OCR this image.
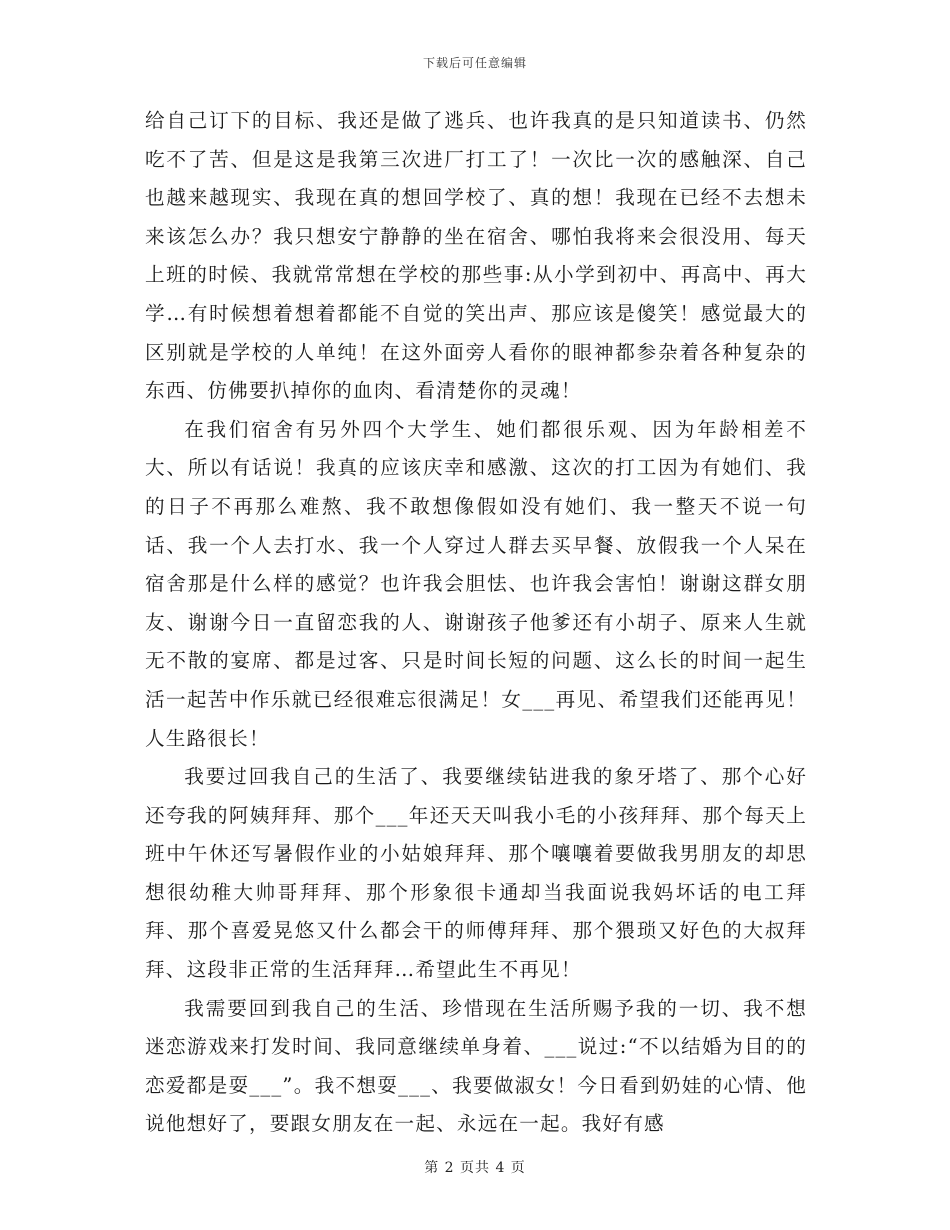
下载后可任意编辑

给自己订下的目标、我还是做了逃兵、也许我真的是只知道读书、仍然吃不了苦、但是这是我第三次进厂打工了！一次比一次的感触深、自己也越来越现实、我现在真的想回学校了、真的想！我现在已经不去想未来该怎么办？我只想安宁静静的坐在宿舍、哪怕我将来会很没用、每天上班的时候、我就常常想在学校的那些事:从小学到初中、再高中、再大学…有时候想着想着都能不自觉的笑出声、那应该是傻笑！感觉最大的区别就是学校的人单纯！在这外面旁人看你的眼神都参杂着各种复杂的东西、仿佛要扒掉你的血肉、看清楚你的灵魂！

在我们宿舍有另外四个大学生、她们都很乐观、因为年龄相差不大、所以有话说！我真的应该庆幸和感激、这次的打工因为有她们、我的日子不再那么难熬、我不敢想像假如没有她们、我一整天不说一句话、我一个人去打水、我一个人穿过人群去买早餐、放假我一个人呆在宿舍那是什么样的感觉？也许我会胆怯、也许我会害怕！谢谢这群女朋友、谢谢今日一直留恋我的人、谢谢孩子他爹还有小胡子、原来人生就无不散的宴席、都是过客、只是时间长短的问题、这么长的时间一起生活一起苦中作乐就已经很难忘很满足！女___再见、希望我们还能再见！人生路很长！

我要过回我自己的生活了、我要继续钻进我的象牙塔了、那个心好还夸我的阿姨拜拜、那个___年还天天叫我小毛的小孩拜拜、那个每天上班中午休还写暑假作业的小姑娘拜拜、那个嚷嚷着要做我男朋友的却思想很幼稚大帅哥拜拜、那个形象很卡通却当我面说我妈坏话的电工拜拜、那个喜爱晃悠又什么都会干的师傅拜拜、那个猥琐又好色的大叔拜拜、这段非正常的生活拜拜…希望此生不再见！

我需要回到我自己的生活、珍惜现在生活所赐予我的一切、我不想迷恋游戏来打发时间、我同意继续单身着、___说过:“不以结婚为目的的恋爱都是耍___”。我不想耍___、我要做淑女！今日看到奶娃的心情、他说他想好了，要跟女朋友在一起、永远在一起。我好有感

第 2 页共 4 页
